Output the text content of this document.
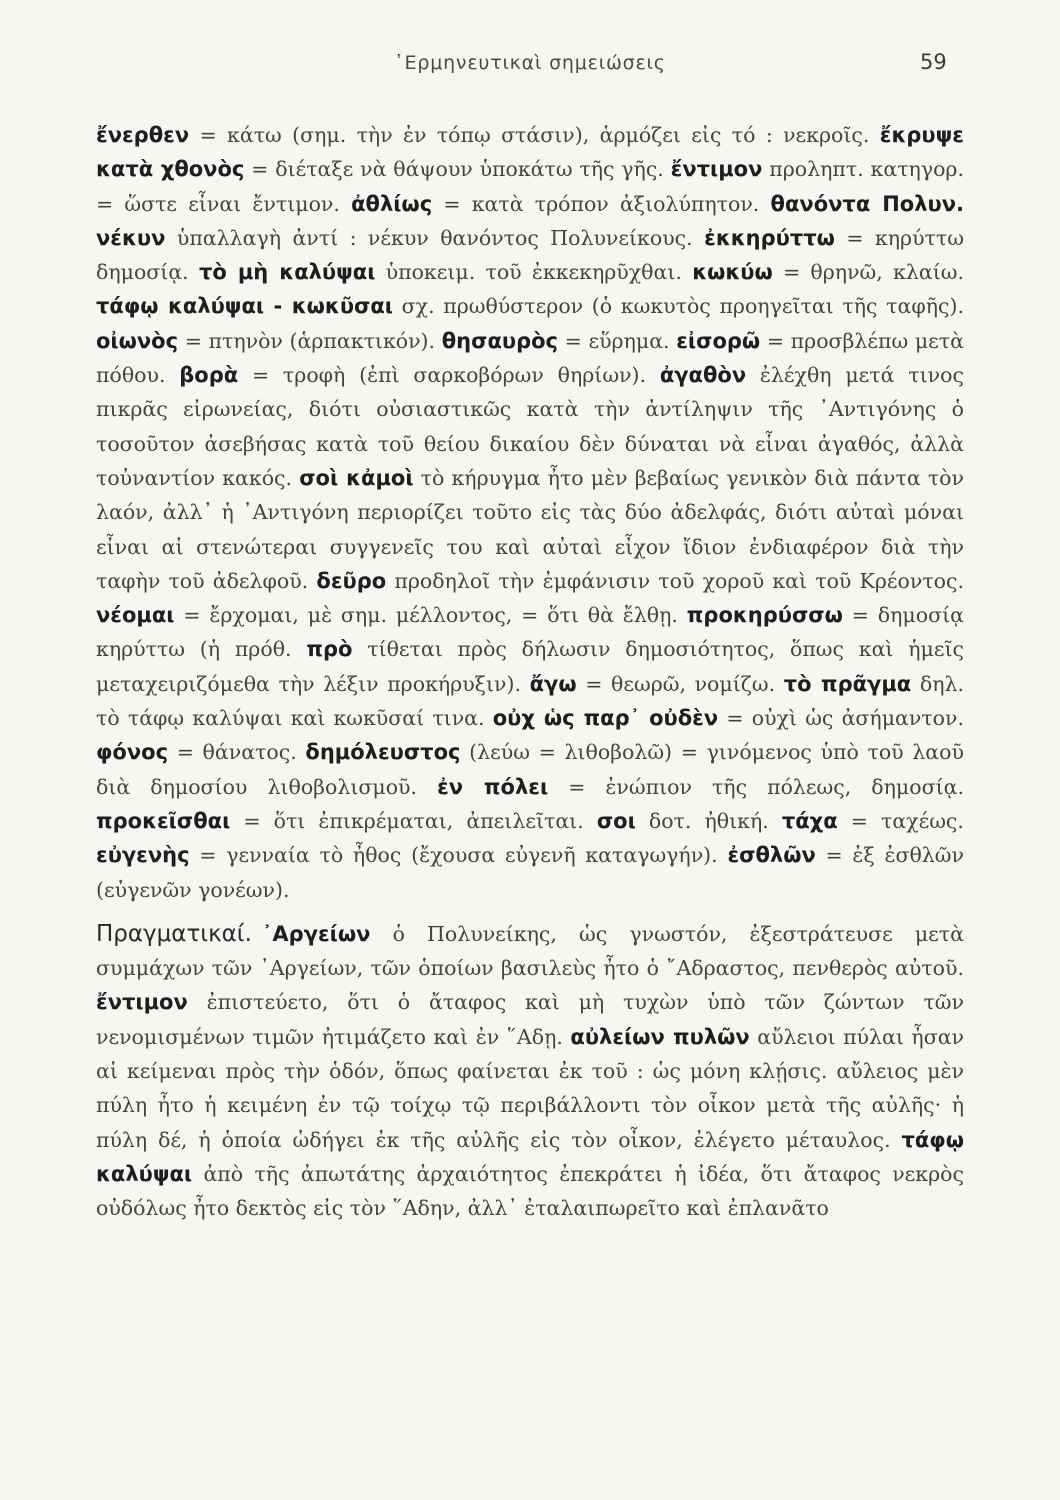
῾Ερμηνευτικαὶ σημειώσεις	59

ἔνερθεν = κάτω (σημ. τὴν ἐν τόπῳ στάσιν), ἁρμόζει εἰς τό : νεκροῖς. ἔκρυψε κατὰ χθονὸς = διέταξε νὰ θάψουν ὑποκάτω τῆς γῆς. ἔντιμον προληπτ. κατηγορ. = ὥστε εἶναι ἔντιμον. ἀθλίως = κατὰ τρόπον ἀξιολύπητον. θανόντα Πολυν. νέκυν ὑπαλλαγὴ ἀντί : νέκυν θανόντος Πολυνείκους. ἐκκηρύττω = κηρύττω δημοσίᾳ. τὸ μὴ καλύψαι ὑποκειμ. τοῦ ἐκκεκηρῦχθαι. κωκύω = θρηνῶ, κλαίω. τάφῳ καλύψαι - κωκῦσαι σχ. πρωθύστερον (ὁ κωκυτὸς προηγεῖται τῆς ταφῆς). οἰωνὸς = πτηνὸν (ἁρπακτικόν). θησαυρὸς = εὕρημα. εἰσορῶ = προσβλέπω μετὰ πόθου. βορὰ = τροφὴ (ἐπὶ σαρκοβόρων θηρίων). ἀγαθὸν ἐλέχθη μετά τινος πικρᾶς εἰρωνείας, διότι οὐσιαστικῶς κατὰ τὴν ἀντίληψιν τῆς ᾿Αντιγόνης ὁ τοσοῦτον ἀσεβήσας κατὰ τοῦ θείου δικαίου δὲν δύναται νὰ εἶναι ἀγαθός, ἀλλὰ τοὐναντίον κακός. σοὶ κἀμοὶ τὸ κήρυγμα ἦτο μὲν βεβαίως γενικὸν διὰ πάντα τὸν λαόν, ἀλλ᾿ ἡ ᾿Αντιγόνη περιορίζει τοῦτο εἰς τὰς δύο ἀδελφάς, διότι αὐταὶ μόναι εἶναι αἱ στενώτεραι συγγενεῖς του καὶ αὐταὶ εἶχον ἴδιον ἐνδιαφέρον διὰ τὴν ταφὴν τοῦ ἀδελφοῦ. δεῦρο προδηλοῖ τὴν ἐμφάνισιν τοῦ χοροῦ καὶ τοῦ Κρέοντος. νέομαι = ἔρχομαι, μὲ σημ. μέλλοντος, = ὅτι θὰ ἔλθῃ. προκηρύσσω = δημοσίᾳ κηρύττω (ἡ πρόθ. πρὸ τίθεται πρὸς δήλωσιν δημοσιότητος, ὅπως καὶ ἡμεῖς μεταχειριζόμεθα τὴν λέξιν προκήρυξιν). ἄγω = θεωρῶ, νομίζω. τὸ πρᾶγμα δηλ. τὸ τάφῳ καλύψαι καὶ κωκῦσαί τινα. οὐχ ὡς παρ᾿ οὐδὲν = οὐχὶ ὡς ἀσήμαντον. φόνος = θάνατος. δημόλευστος (λεύω = λιθοβολῶ) = γινόμενος ὑπὸ τοῦ λαοῦ διὰ δημοσίου λιθοβολισμοῦ. ἐν πόλει = ἐνώπιον τῆς πόλεως, δημοσίᾳ. προκεῖσθαι = ὅτι ἐπικρέμαται, ἀπειλεῖται. σοι δοτ. ἠθική. τάχα = ταχέως. εὐγενὴς = γενναία τὸ ἦθος (ἔχουσα εὐγενῆ καταγωγήν). ἐσθλῶν = ἐξ ἐσθλῶν (εὐγενῶν γονέων).

Πραγματικαί. ᾿Αργείων ὁ Πολυνείκης, ὡς γνωστόν, ἐξεστράτευσε μετὰ συμμάχων τῶν ᾿Αργείων, τῶν ὁποίων βασιλεὺς ἦτο ὁ ῎Αδραστος, πενθερὸς αὐτοῦ. ἔντιμον ἐπιστεύετο, ὅτι ὁ ἄταφος καὶ μὴ τυχὼν ὑπὸ τῶν ζώντων τῶν νενομισμένων τιμῶν ἠτιμάζετο καὶ ἐν ῞Αδῃ. αὐλείων πυλῶν αὔλειοι πύλαι ἦσαν αἱ κείμεναι πρὸς τὴν ὁδόν, ὅπως φαίνεται ἐκ τοῦ : ὡς μόνη κλῄσις. αὔλειος μὲν πύλη ἦτο ἡ κειμένη ἐν τῷ τοίχῳ τῷ περιβάλλοντι τὸν οἶκον μετὰ τῆς αὐλῆς· ἡ πύλη δέ, ἡ ὁποία ὡδήγει ἐκ τῆς αὐλῆς εἰς τὸν οἶκον, ἐλέγετο μέταυλος. τάφῳ καλύψαι ἀπὸ τῆς ἀπωτάτης ἀρχαιότητος ἐπεκράτει ἡ ἰδέα, ὅτι ἄταφος νεκρὸς οὐδόλως ἦτο δεκτὸς εἰς τὸν ῞Αδην, ἀλλ᾿ ἐταλαιπωρεῖτο καὶ ἐπλανᾶτο
